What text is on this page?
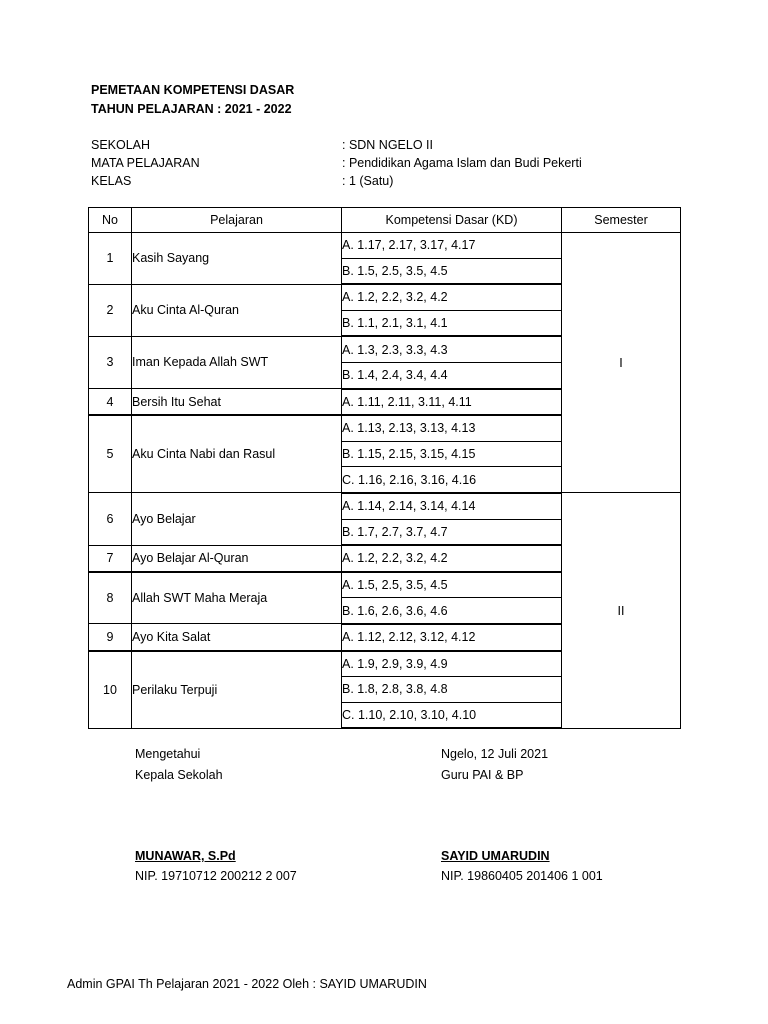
PEMETAAN KOMPETENSI DASAR
TAHUN PELAJARAN : 2021 - 2022
SEKOLAH	: SDN NGELO II
MATA PELAJARAN	: Pendidikan Agama Islam dan Budi Pekerti
KELAS	: 1 (Satu)
No	Pelajaran	Kompetensi Dasar (KD)	Semester
1	Kasih Sayang	A. 1.17, 2.17, 3.17, 4.17	I
		B. 1.5, 2.5, 3.5, 4.5	
2	Aku Cinta Al-Quran	A. 1.2, 2.2, 3.2, 4.2	
		B. 1.1, 2.1, 3.1, 4.1	
3	Iman Kepada Allah SWT	A. 1.3, 2.3, 3.3, 4.3	
		B. 1.4, 2.4, 3.4, 4.4	
4	Bersih Itu Sehat	A. 1.11, 2.11, 3.11, 4.11	
5	Aku Cinta Nabi dan Rasul	A. 1.13, 2.13, 3.13, 4.13	
		B. 1.15, 2.15, 3.15, 4.15	
		C. 1.16, 2.16, 3.16, 4.16	
6	Ayo Belajar	A. 1.14, 2.14, 3.14, 4.14	II
		B. 1.7, 2.7, 3.7, 4.7	
7	Ayo Belajar Al-Quran	A. 1.2, 2.2, 3.2, 4.2	
8	Allah SWT Maha Meraja	A. 1.5, 2.5, 3.5, 4.5	
		B. 1.6, 2.6, 3.6, 4.6	
9	Ayo Kita Salat	A. 1.12, 2.12, 3.12, 4.12	
10	Perilaku Terpuji	A. 1.9, 2.9, 3.9, 4.9	
		B. 1.8, 2.8, 3.8, 4.8	
		C. 1.10, 2.10, 3.10, 4.10	
Mengetahui
Kepala Sekolah
MUNAWAR, S.Pd
NIP. 19710712 200212 2 007
Ngelo, 12 Juli 2021
Guru PAI & BP
SAYID UMARUDIN
NIP. 19860405 201406 1 001
Admin GPAI Th Pelajaran 2021 - 2022 Oleh : SAYID UMARUDIN
